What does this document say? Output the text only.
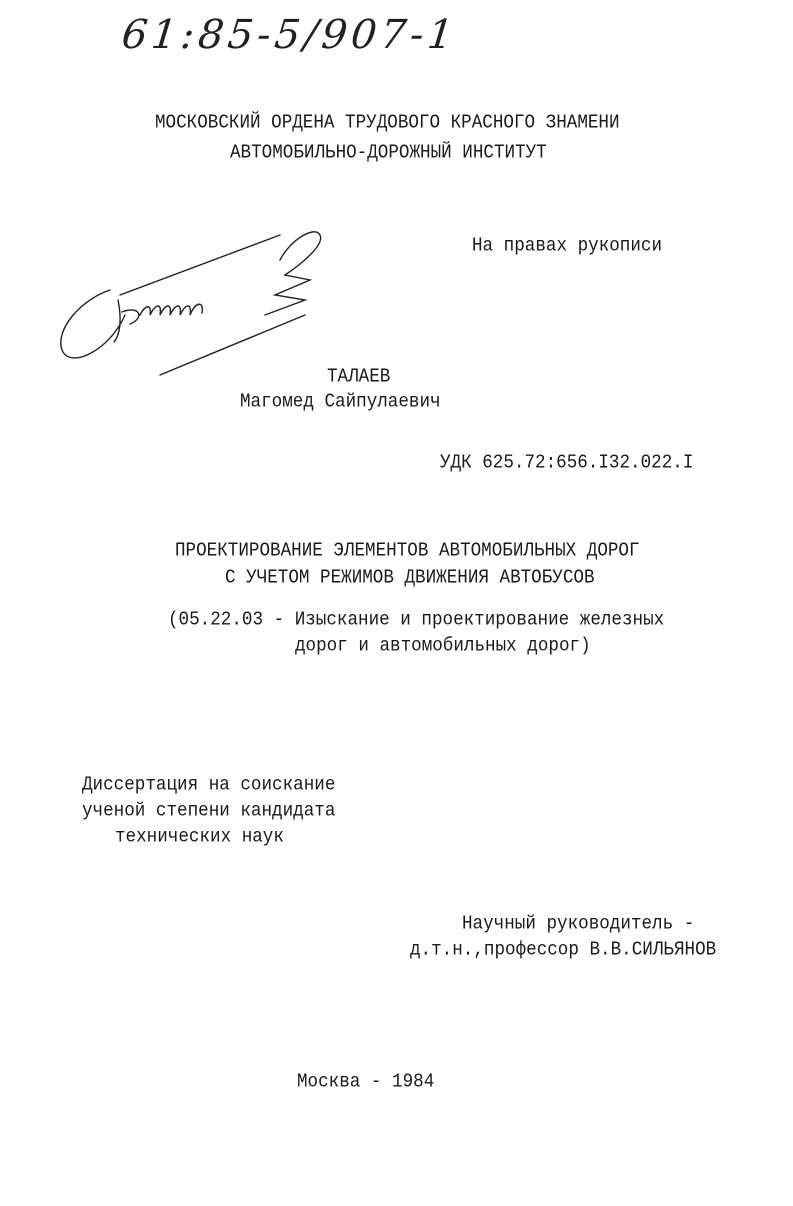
61:85-5/907-1
МОСКОВСКИЙ ОРДЕНА ТРУДОВОГО КРАСНОГО ЗНАМЕНИ
АВТОМОБИЛЬНО-ДОРОЖНЫЙ ИНСТИТУТ
На правах рукописи
ТАЛАЕВ
Магомед Сайпулаевич
УДК 625.72:656.I32.022.I
ПРОЕКТИРОВАНИЕ ЭЛЕМЕНТОВ АВТОМОБИЛЬНЫХ ДОРОГ
С УЧЕТОМ РЕЖИМОВ ДВИЖЕНИЯ АВТОБУСОВ
(05.22.03 - Изыскание и проектирование железных
дорог и автомобильных дорог)
Диссертация на соискание
ученой степени кандидата
технических наук
Научный руководитель -
д.т.н.,профессор В.В.СИЛЬЯНОВ
Москва - 1984
